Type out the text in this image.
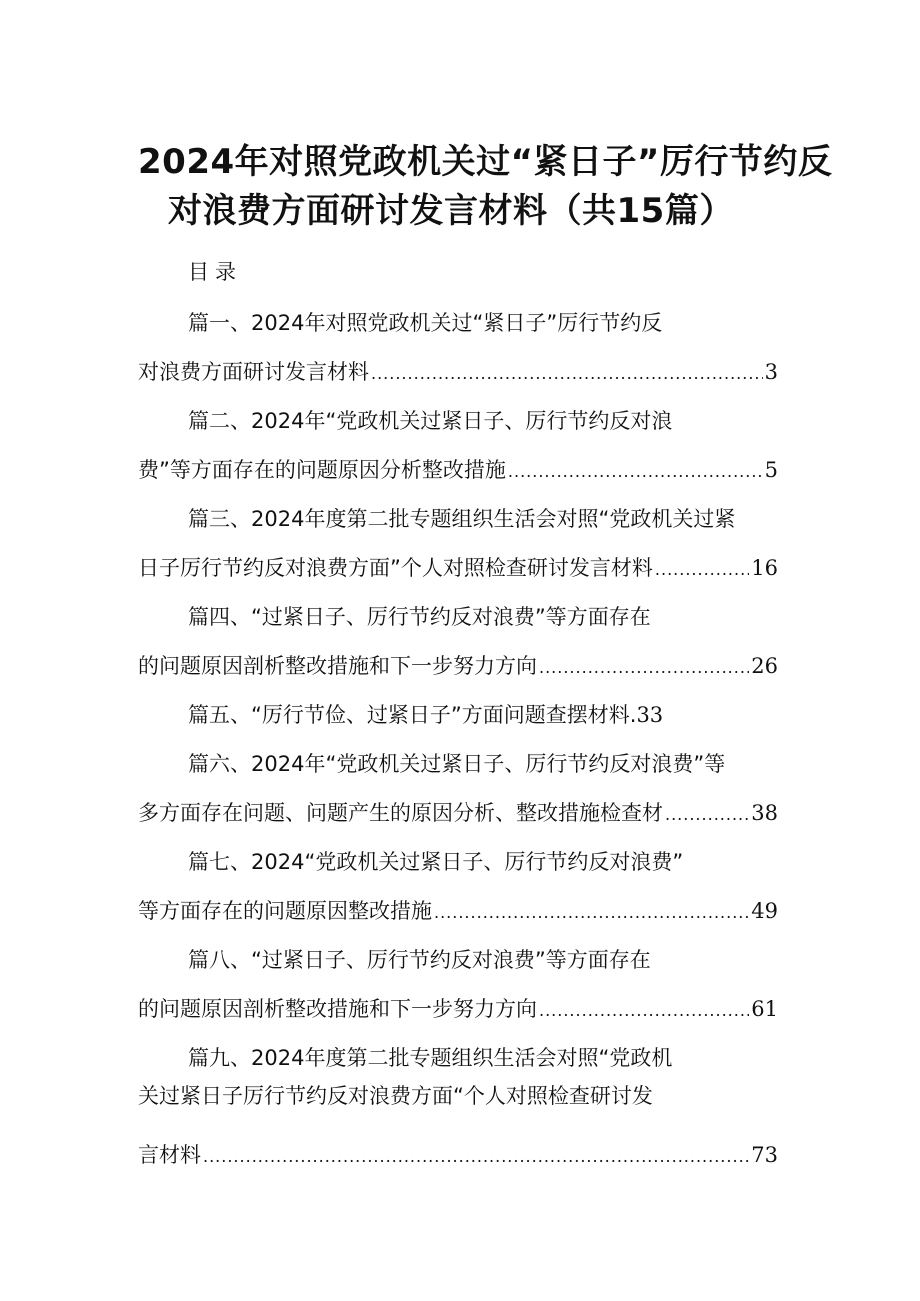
2024年对照党政机关过“紧日子”厉行节约反
对浪费方面研讨发言材料（共15篇）
目录
篇一、2024年对照党政机关过“紧日子”厉行节约反
对浪费方面研讨发言材料 .....	3
篇二、2024年“党政机关过紧日子、厉行节约反对浪
费”等方面存在的问题原因分析整改措施 .....	5
篇三、2024年度第二批专题组织生活会对照“党政机关过紧
日子厉行节约反对浪费方面”个人对照检查研讨发言材料 .....	16
篇四、“过紧日子、厉行节约反对浪费”等方面存在
的问题原因剖析整改措施和下一步努力方向 .....	26
篇五、“厉行节俭、过紧日子”方面问题查摆材料.33
篇六、2024年“党政机关过紧日子、厉行节约反对浪费”等
多方面存在问题、问题产生的原因分析、整改措施检查材 .....	38
篇七、2024“党政机关过紧日子、厉行节约反对浪费”
等方面存在的问题原因整改措施 .....	49
篇八、“过紧日子、厉行节约反对浪费”等方面存在
的问题原因剖析整改措施和下一步努力方向 .....	61
篇九、2024年度第二批专题组织生活会对照“党政机
关过紧日子厉行节约反对浪费方面“个人对照检查研讨发
言材料 .....	73
